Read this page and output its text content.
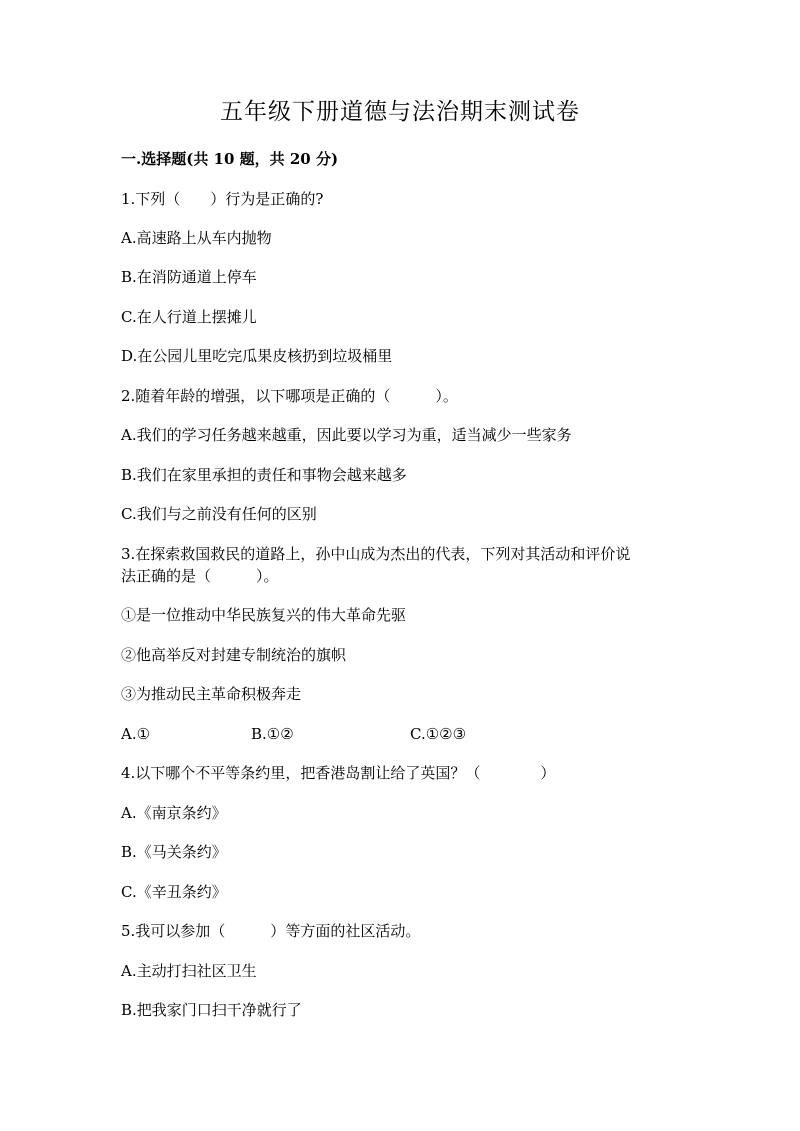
五年级下册道德与法治期末测试卷
一.选择题(共 10 题，共 20 分)
1.下列（　　）行为是正确的?
A.高速路上从车内抛物
B.在消防通道上停车
C.在人行道上摆摊儿
D.在公园儿里吃完瓜果皮核扔到垃圾桶里
2.随着年龄的增强，以下哪项是正确的（　　　）。
A.我们的学习任务越来越重，因此要以学习为重，适当减少一些家务
B.我们在家里承担的责任和事物会越来越多
C.我们与之前没有任何的区别
3.在探索救国救民的道路上，孙中山成为杰出的代表，下列对其活动和评价说
法正确的是（　　　）。
①是一位推动中华民族复兴的伟大革命先驱
②他高举反对封建专制统治的旗帜
③为推动民主革命积极奔走
A.①	B.①②	C.①②③
4.以下哪个不平等条约里，把香港岛割让给了英国？（　　　　）
A.《南京条约》
B.《马关条约》
C.《辛丑条约》
5.我可以参加（　　　）等方面的社区活动。
A.主动打扫社区卫生
B.把我家门口扫干净就行了
